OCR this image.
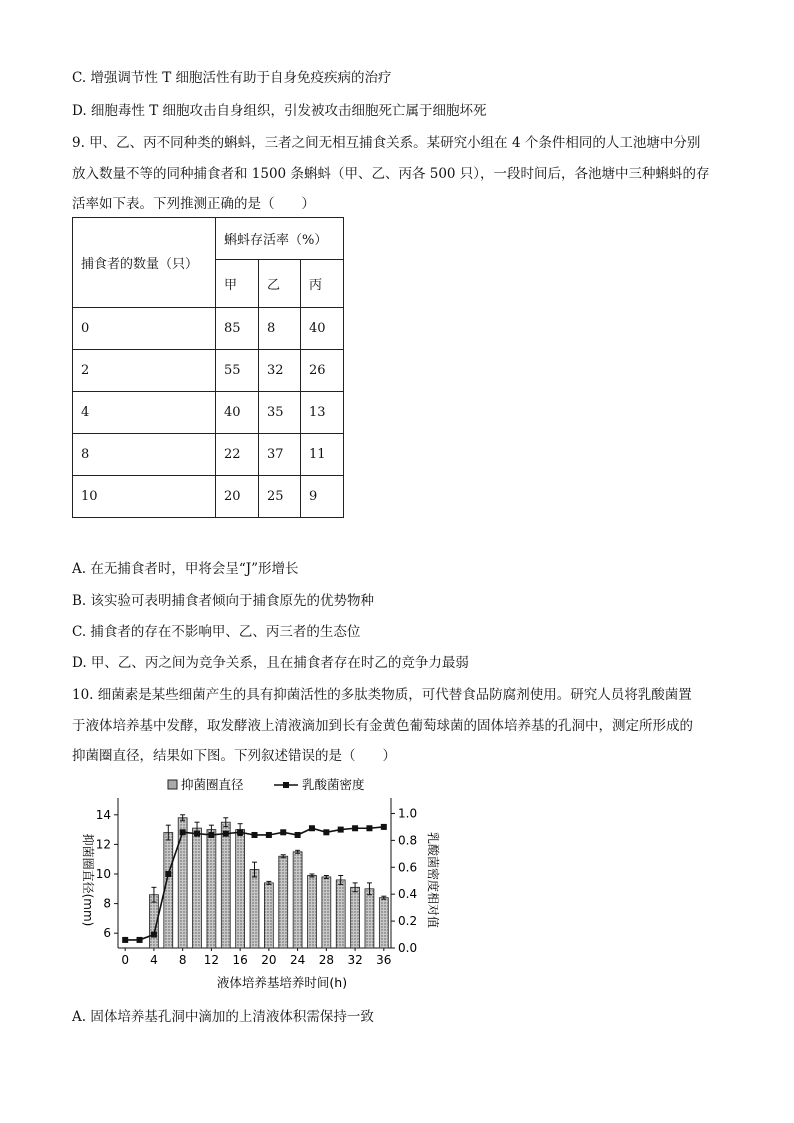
C. 增强调节性 T 细胞活性有助于自身免疫疾病的治疗
D. 细胞毒性 T 细胞攻击自身组织，引发被攻击细胞死亡属于细胞坏死
9. 甲、乙、丙不同种类的蝌蚪，三者之间无相互捕食关系。某研究小组在 4 个条件相同的人工池塘中分别
放入数量不等的同种捕食者和 1500 条蝌蚪（甲、乙、丙各 500 只），一段时间后，各池塘中三种蝌蚪的存
活率如下表。下列推测正确的是（　　）
捕食者的数量（只）	蝌蚪存活率（%）		
	甲	乙	丙
0	85	8	40
2	55	32	26
4	40	35	13
8	22	37	11
10	20	25	9
A. 在无捕食者时，甲将会呈“J”形增长
B. 该实验可表明捕食者倾向于捕食原先的优势物种
C. 捕食者的存在不影响甲、乙、丙三者的生态位
D. 甲、乙、丙之间为竞争关系，且在捕食者存在时乙的竞争力最弱
10. 细菌素是某些细菌产生的具有抑菌活性的多肽类物质，可代替食品防腐剂使用。研究人员将乳酸菌置
于液体培养基中发酵，取发酵液上清液滴加到长有金黄色葡萄球菌的固体培养基的孔洞中，测定所形成的
抑菌圈直径，结果如下图。下列叙述错误的是（　　）
6
8
10
12
14
0.0
0.2
0.4
0.6
0.8
1.0
0 4 8 12 16 20 24 28 32 36
抑菌圈直径	乳酸菌密度
液体培养基培养时间(h)
抑菌圈直径(mm)	乳酸菌密度相对值
A. 固体培养基孔洞中滴加的上清液体积需保持一致
